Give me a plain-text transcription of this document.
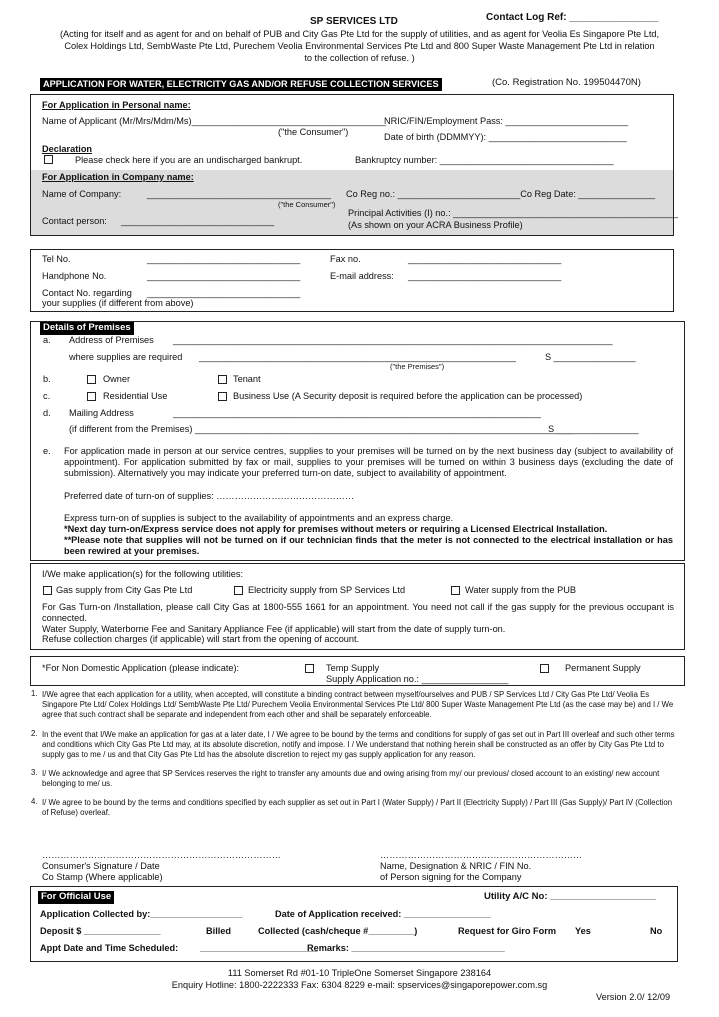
SP SERVICES LTD	Contact Log Ref: ________________
(Acting for itself and as agent for and on behalf of PUB and City Gas Pte Ltd for the supply of utilities, and as agent for Veolia Es Singapore Pte Ltd,
Colex Holdings Ltd, SembWaste Pte Ltd, Purechem Veolia Environmental Services Pte Ltd and 800 Super Waste Management Pte Ltd in relation
to the collection of refuse. )
APPLICATION FOR WATER, ELECTRICITY GAS AND/OR REFUSE COLLECTION SERVICES	(Co. Registration No. 199504470N)
For Application in Personal name:
Name of Applicant (Mr/Mrs/Mdm/Ms)______________________________________
("the Consumer")
NRIC/FIN/Employment Pass: ________________________
Date of birth (DDMMYY): ___________________________
Declaration
Please check here if you are an undischarged bankrupt.	Bankruptcy number: __________________________________
For Application in Company name:
Name of Company:	____________________________________
("the Consumer")
Co Reg no.: ________________________Co Reg Date: _______________
Principal Activities (I) no.: ____________________________________________
(As shown on your ACRA Business Profile)
Contact person: ______________________________
Tel No.	______________________________	Fax no.	______________________________
Handphone No.	______________________________	E-mail address: ______________________________
Contact No. regarding
your supplies (if different from above)
______________________________
Details of Premises
a. Address of Premises ______________________________________________________________________________________
where supplies are required ______________________________________________________________	S ________________
("the Premises")
b.	Owner	Tenant
c.	Residential Use	Business Use (A Security deposit is required before the application can be processed)
d. Mailing Address	________________________________________________________________________
(if different from the Premises) __________________________________________________________________________
S ________________
e. For application made in person at our service centres, supplies to your premises will be turned on by the next business day (subject to availability of appointment). For application submitted by fax or mail, supplies to your premises will be turned on within 3 business days (excluding the date of submission). Alternatively you may indicate your preferred turn-on date, subject to availability of appointment.
Preferred date of turn-on of supplies: ………………………………………
Express turn-on of supplies is subject to the availability of appointments and an express charge.
*Next day turn-on/Express service does not apply for premises without meters or requiring a Licensed Electrical Installation.
**Please note that supplies will not be turned on if our technician finds that the meter is not connected to the electrical installation or has been rewired at your premises.
I/We make application(s) for the following utilities:
Gas supply from City Gas Pte Ltd	Electricity supply from SP Services Ltd	Water supply from the PUB
For Gas Turn-on /Installation, please call City Gas at 1800-555 1661 for an appointment. You need not call if the gas supply for the previous occupant is connected.
Water Supply, Waterborne Fee and Sanitary Appliance Fee (if applicable) will start from the date of supply turn-on.
Refuse collection charges (if applicable) will start from the opening of account.
*For Non Domestic Application (please indicate):	Temp Supply
Supply Application no.: _________________
Permanent Supply
1. I/We agree that each application for a utility, when accepted, will constitute a binding contract between myself/ourselves and PUB / SP Services Ltd / City Gas Pte Ltd/ Veolia Es Singapore Pte Ltd/ Colex Holdings Ltd/ SembWaste Pte Ltd/ Purechem Veolia Environmental Services Pte Ltd/ 800 Super Waste Management Pte Ltd (as the case may be) and I / We agree that such contract shall be separate and independent from each other and shall be separately enforceable.
2. In the event that I/We make an application for gas at a later date, I / We agree to be bound by the terms and conditions for supply of gas set out in Part III overleaf and such other terms and conditions which City Gas Pte Ltd may, at its absolute discretion, notify and impose. I / We understand that nothing herein shall be constructed as an offer by City Gas Pte Ltd to supply gas to me / us and that City Gas Pte Ltd has the absolute discretion to reject my gas supply application for any reason.
3. I/ We acknowledge and agree that SP Services reserves the right to transfer any amounts due and owing arising from my/ our previous/ closed account to an existing/ new account belonging to me/ us.
4. I/ We agree to be bound by the terms and conditions specified by each supplier as set out in Part I (Water Supply) / Part II (Electricity Supply) / Part III (Gas Supply)/ Part IV (Collection of Refuse) overleaf.
……………………………………………………………………
Consumer's Signature / Date
Co Stamp (Where applicable)
…………………………………………………………
Name, Designation & NRIC / FIN No.
of Person signing for the Company
For Official Use	Utility A/C No: ____________________
Application Collected by:__________________	Date of Application received: _________________
Deposit $ _______________	Billed	Collected (cash/cheque #_________)	Request for Giro Form Yes	No
Appt Date and Time Scheduled: _______________________
Remarks: ______________________________
111 Somerset Rd #01-10 TripleOne Somerset Singapore 238164
Enquiry Hotline: 1800-2222333 Fax: 6304 8229 e-mail: spservices@singaporepower.com.sg
Version 2.0/ 12/09
